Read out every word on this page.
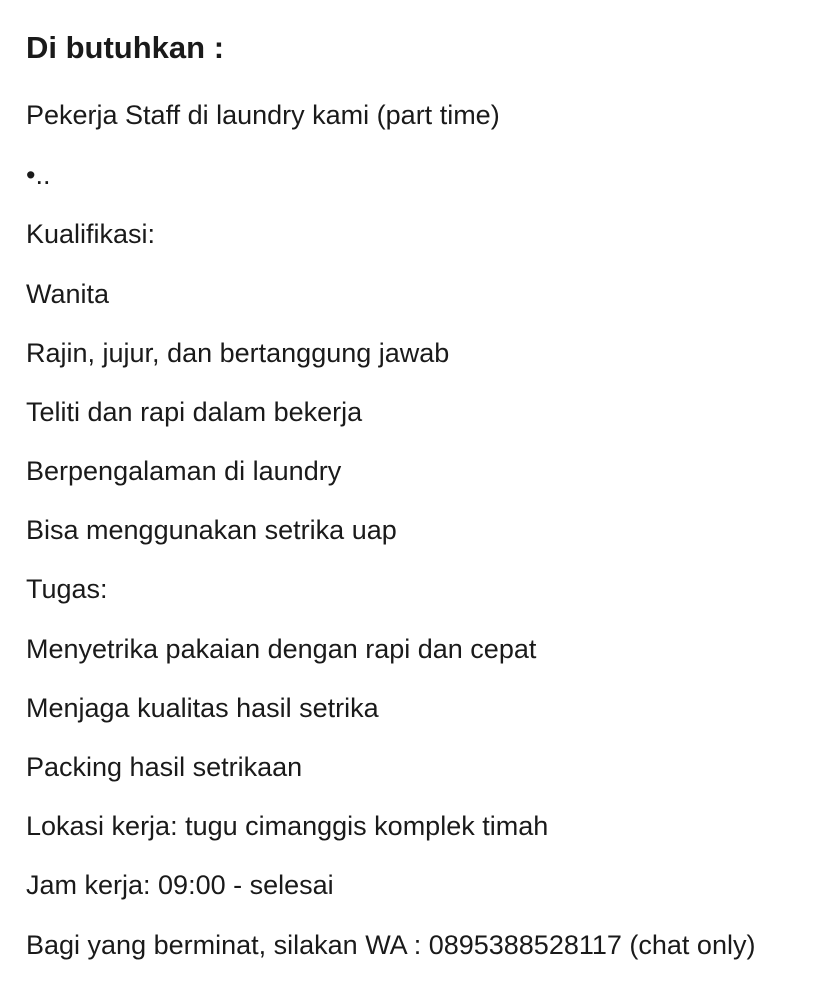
Di butuhkan :
Pekerja Staff di laundry kami (part time)
•..
Kualifikasi:
Wanita
Rajin, jujur, dan bertanggung jawab
Teliti dan rapi dalam bekerja
Berpengalaman di laundry
Bisa menggunakan setrika uap
Tugas:
Menyetrika pakaian dengan rapi dan cepat
Menjaga kualitas hasil setrika
Packing hasil setrikaan
Lokasi kerja: tugu cimanggis komplek timah
Jam kerja: 09:00 - selesai
Bagi yang berminat, silakan WA : 0895388528117 (chat only)
